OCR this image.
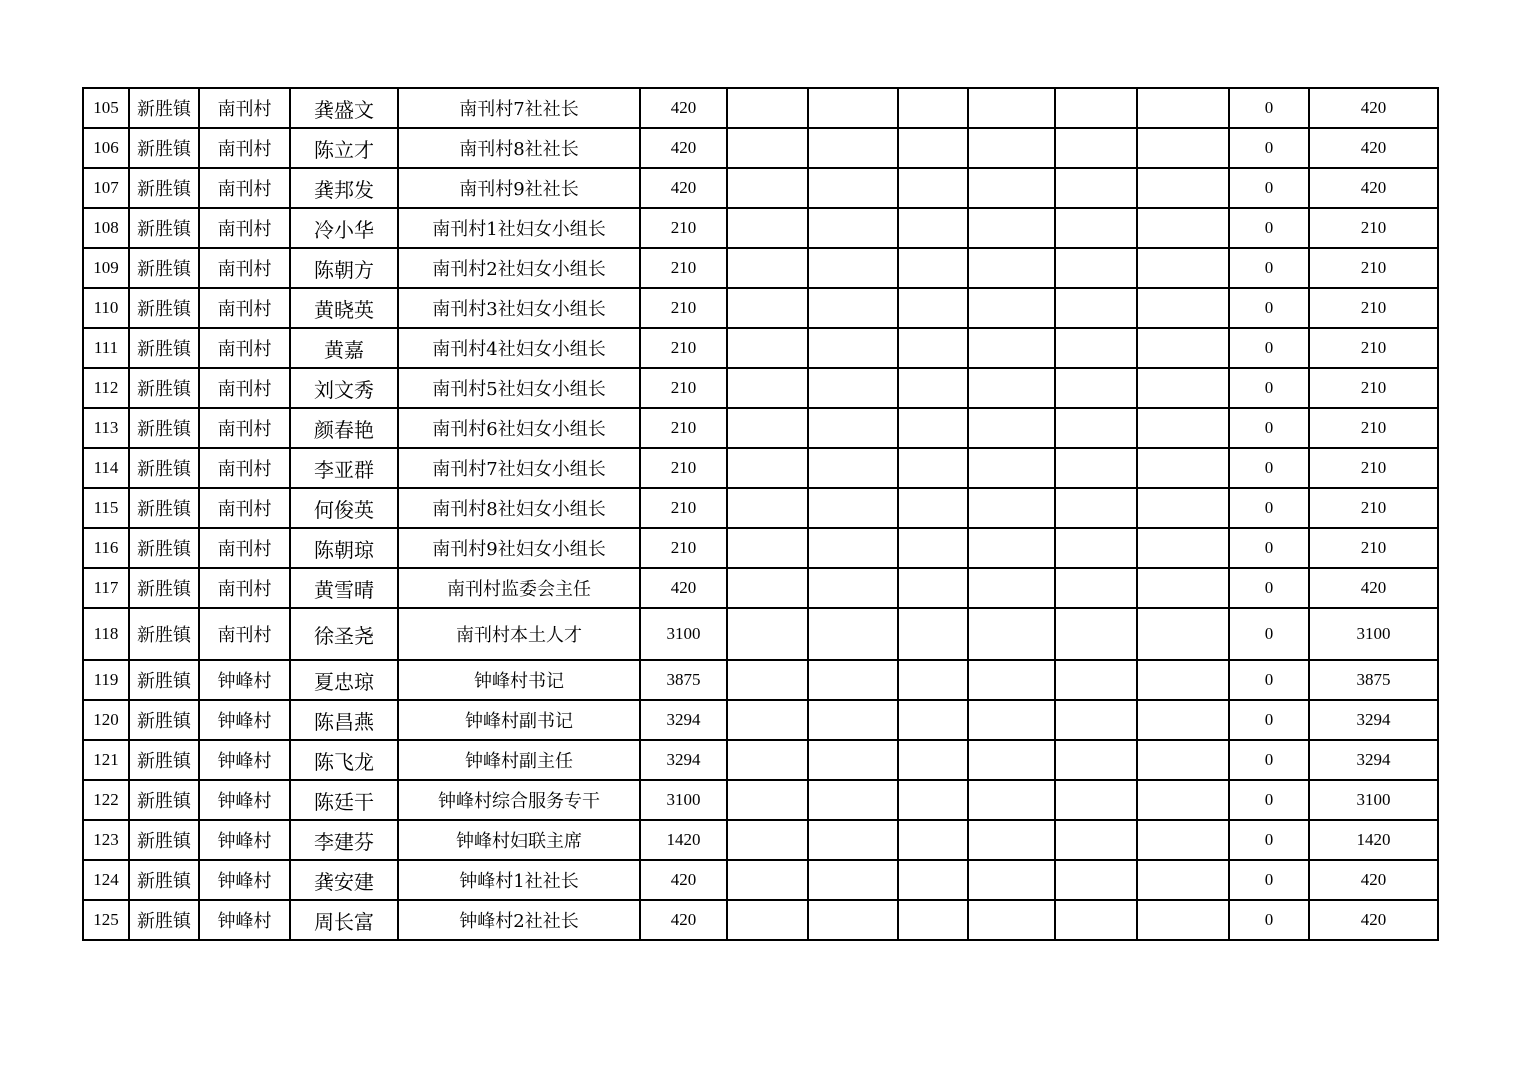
105	新胜镇	南刊村	龚盛文	南刊村7社社长	420							0	420
106	新胜镇	南刊村	陈立才	南刊村8社社长	420							0	420
107	新胜镇	南刊村	龚邦发	南刊村9社社长	420							0	420
108	新胜镇	南刊村	冷小华	南刊村1社妇女小组长	210							0	210
109	新胜镇	南刊村	陈朝方	南刊村2社妇女小组长	210							0	210
110	新胜镇	南刊村	黄晓英	南刊村3社妇女小组长	210							0	210
111	新胜镇	南刊村	黄嘉	南刊村4社妇女小组长	210							0	210
112	新胜镇	南刊村	刘文秀	南刊村5社妇女小组长	210							0	210
113	新胜镇	南刊村	颜春艳	南刊村6社妇女小组长	210							0	210
114	新胜镇	南刊村	李亚群	南刊村7社妇女小组长	210							0	210
115	新胜镇	南刊村	何俊英	南刊村8社妇女小组长	210							0	210
116	新胜镇	南刊村	陈朝琼	南刊村9社妇女小组长	210							0	210
117	新胜镇	南刊村	黄雪晴	南刊村监委会主任	420							0	420
118	新胜镇	南刊村	徐圣尧	南刊村本土人才	3100							0	3100
119	新胜镇	钟峰村	夏忠琼	钟峰村书记	3875							0	3875
120	新胜镇	钟峰村	陈昌燕	钟峰村副书记	3294							0	3294
121	新胜镇	钟峰村	陈飞龙	钟峰村副主任	3294							0	3294
122	新胜镇	钟峰村	陈廷干	钟峰村综合服务专干	3100							0	3100
123	新胜镇	钟峰村	李建芬	钟峰村妇联主席	1420							0	1420
124	新胜镇	钟峰村	龚安建	钟峰村1社社长	420							0	420
125	新胜镇	钟峰村	周长富	钟峰村2社社长	420							0	420
